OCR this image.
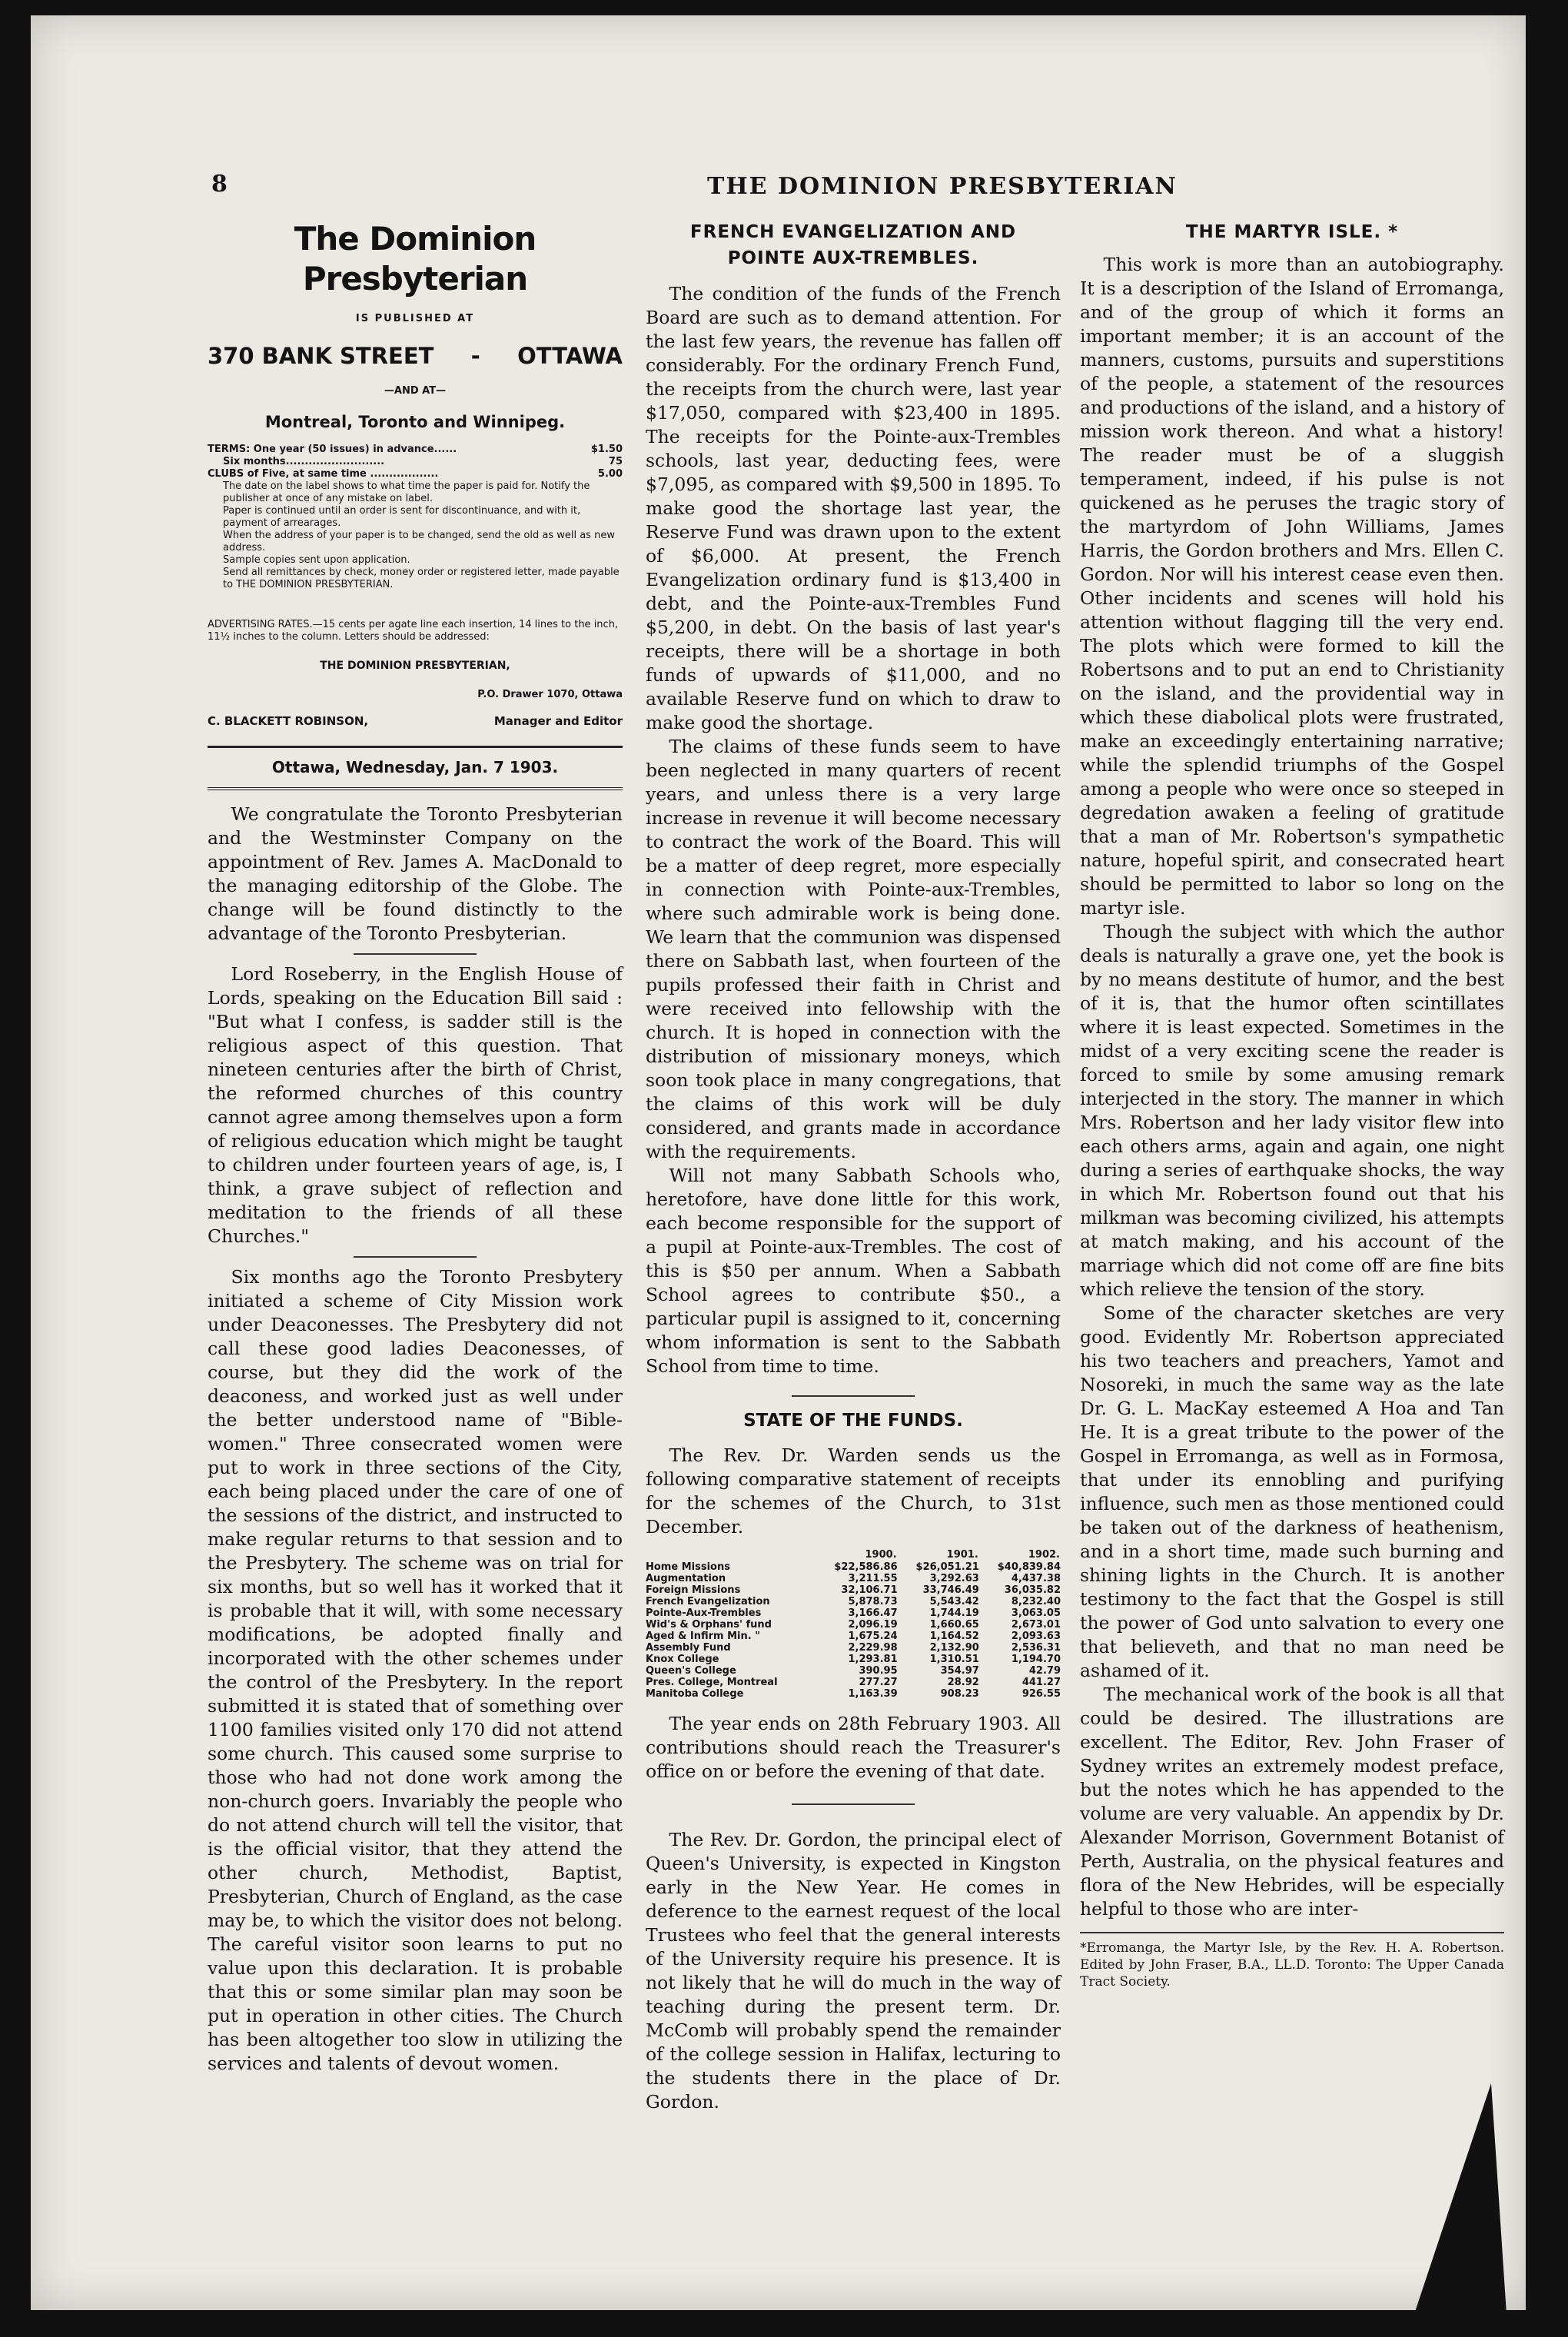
8	THE DOMINION PRESBYTERIAN
The Dominion Presbyterian
IS PUBLISHED AT
370 BANK STREET - OTTAWA
—AND AT—
Montreal, Toronto and Winnipeg.
TERMS: One year (50 issues) in advance......	$1.50
Six months..........................	75
CLUBS of Five, at same time ..................	5.00
The date on the label shows to what time the paper is paid for. Notify the publisher at once of any mistake on label.
Paper is continued until an order is sent for discontinuance, and with it, payment of arrearages.
When the address of your paper is to be changed, send the old as well as new address.
Sample copies sent upon application.
Send all remittances by check, money order or registered letter, made payable to THE DOMINION PRESBYTERIAN.
ADVERTISING RATES.—15 cents per agate line each insertion, 14 lines to the inch, 11½ inches to the column. Letters should be addressed:
THE DOMINION PRESBYTERIAN,
P.O. Drawer 1070, Ottawa
C. BLACKETT ROBINSON,	Manager and Editor
Ottawa, Wednesday, Jan. 7 1903.

We congratulate the Toronto Presbyterian and the Westminster Company on the appointment of Rev. James A. MacDonald to the managing editorship of the Globe. The change will be found distinctly to the advantage of the Toronto Presbyterian.

Lord Roseberry, in the English House of Lords, speaking on the Education Bill said : "But what I confess, is sadder still is the religious aspect of this question. That nineteen centuries after the birth of Christ, the reformed churches of this country cannot agree among themselves upon a form of religious education which might be taught to children under fourteen years of age, is, I think, a grave subject of reflection and meditation to the friends of all these Churches."

Six months ago the Toronto Presbytery initiated a scheme of City Mission work under Deaconesses. The Presbytery did not call these good ladies Deaconesses, of course, but they did the work of the deaconess, and worked just as well under the better understood name of "Bible-women." Three consecrated women were put to work in three sections of the City, each being placed under the care of one of the sessions of the district, and instructed to make regular returns to that session and to the Presbytery. The scheme was on trial for six months, but so well has it worked that it is probable that it will, with some necessary modifications, be adopted finally and incorporated with the other schemes under the control of the Presbytery. In the report submitted it is stated that of something over 1100 families visited only 170 did not attend some church. This caused some surprise to those who had not done work among the non-church goers. Invariably the people who do not attend church will tell the visitor, that is the official visitor, that they attend the other church, Methodist, Baptist, Presbyterian, Church of England, as the case may be, to which the visitor does not belong. The careful visitor soon learns to put no value upon this declaration. It is probable that this or some similar plan may soon be put in operation in other cities. The Church has been altogether too slow in utilizing the services and talents of devout women.

FRENCH EVANGELIZATION AND
POINTE AUX-TREMBLES.

The condition of the funds of the French Board are such as to demand attention. For the last few years, the revenue has fallen off considerably. For the ordinary French Fund, the receipts from the church were, last year $17,050, compared with $23,400 in 1895. The receipts for the Pointe-aux-Trembles schools, last year, deducting fees, were $7,095, as compared with $9,500 in 1895. To make good the shortage last year, the Reserve Fund was drawn upon to the extent of $6,000. At present, the French Evangelization ordinary fund is $13,400 in debt, and the Pointe-aux-Trembles Fund $5,200, in debt. On the basis of last year's receipts, there will be a shortage in both funds of upwards of $11,000, and no available Reserve fund on which to draw to make good the shortage.

The claims of these funds seem to have been neglected in many quarters of recent years, and unless there is a very large increase in revenue it will become necessary to contract the work of the Board. This will be a matter of deep regret, more especially in connection with Pointe-aux-Trembles, where such admirable work is being done. We learn that the communion was dispensed there on Sabbath last, when fourteen of the pupils professed their faith in Christ and were received into fellowship with the church. It is hoped in connection with the distribution of missionary moneys, which soon took place in many congregations, that the claims of this work will be duly considered, and grants made in accordance with the requirements.

Will not many Sabbath Schools who, heretofore, have done little for this work, each become responsible for the support of a pupil at Pointe-aux-Trembles. The cost of this is $50 per annum. When a Sabbath School agrees to contribute $50., a particular pupil is assigned to it, concerning whom information is sent to the Sabbath School from time to time.

STATE OF THE FUNDS.

The Rev. Dr. Warden sends us the following comparative statement of receipts for the schemes of the Church, to 31st December.

	1900.	1901.	1902.
Home Missions	$22,586.86	$26,051.21	$40,839.84
Augmentation	3,211.55	3,292.63	4,437.38
Foreign Missions	32,106.71	33,746.49	36,035.82
French Evangelization	5,878.73	5,543.42	8,232.40
Pointe-Aux-Trembles	3,166.47	1,744.19	3,063.05
Wid's & Orphans' fund	2,096.19	1,660.65	2,673.01
Aged & Infirm Min. "	1,675.24	1,164.52	2,093.63
Assembly Fund	2,229.98	2,132.90	2,536.31
Knox College	1,293.81	1,310.51	1,194.70
Queen's College	390.95	354.97	42.79
Pres. College, Montreal	277.27	28.92	441.27
Manitoba College	1,163.39	908.23	926.55

The year ends on 28th February 1903. All contributions should reach the Treasurer's office on or before the evening of that date.

The Rev. Dr. Gordon, the principal elect of Queen's University, is expected in Kingston early in the New Year. He comes in deference to the earnest request of the local Trustees who feel that the general interests of the University require his presence. It is not likely that he will do much in the way of teaching during the present term. Dr. McComb will probably spend the remainder of the college session in Halifax, lecturing to the students there in the place of Dr. Gordon.

THE MARTYR ISLE. *

This work is more than an autobiography. It is a description of the Island of Erromanga, and of the group of which it forms an important member; it is an account of the manners, customs, pursuits and superstitions of the people, a statement of the resources and productions of the island, and a history of mission work thereon. And what a history! The reader must be of a sluggish temperament, indeed, if his pulse is not quickened as he peruses the tragic story of the martyrdom of John Williams, James Harris, the Gordon brothers and Mrs. Ellen C. Gordon. Nor will his interest cease even then. Other incidents and scenes will hold his attention without flagging till the very end. The plots which were formed to kill the Robertsons and to put an end to Christianity on the island, and the providential way in which these diabolical plots were frustrated, make an exceedingly entertaining narrative; while the splendid triumphs of the Gospel among a people who were once so steeped in degredation awaken a feeling of gratitude that a man of Mr. Robertson's sympathetic nature, hopeful spirit, and consecrated heart should be permitted to labor so long on the martyr isle.

Though the subject with which the author deals is naturally a grave one, yet the book is by no means destitute of humor, and the best of it is, that the humor often scintillates where it is least expected. Sometimes in the midst of a very exciting scene the reader is forced to smile by some amusing remark interjected in the story. The manner in which Mrs. Robertson and her lady visitor flew into each others arms, again and again, one night during a series of earthquake shocks, the way in which Mr. Robertson found out that his milkman was becoming civilized, his attempts at match making, and his account of the marriage which did not come off are fine bits which relieve the tension of the story.

Some of the character sketches are very good. Evidently Mr. Robertson appreciated his two teachers and preachers, Yamot and Nosoreki, in much the same way as the late Dr. G. L. MacKay esteemed A Hoa and Tan He. It is a great tribute to the power of the Gospel in Erromanga, as well as in Formosa, that under its ennobling and purifying influence, such men as those mentioned could be taken out of the darkness of heathenism, and in a short time, made such burning and shining lights in the Church. It is another testimony to the fact that the Gospel is still the power of God unto salvation to every one that believeth, and that no man need be ashamed of it.

The mechanical work of the book is all that could be desired. The illustrations are excellent. The Editor, Rev. John Fraser of Sydney writes an extremely modest preface, but the notes which he has appended to the volume are very valuable. An appendix by Dr. Alexander Morrison, Government Botanist of Perth, Australia, on the physical features and flora of the New Hebrides, will be especially helpful to those who are inter-

*Erromanga, the Martyr Isle, by the Rev. H. A. Robertson. Edited by John Fraser, B.A., LL.D. Toronto: The Upper Canada Tract Society.
